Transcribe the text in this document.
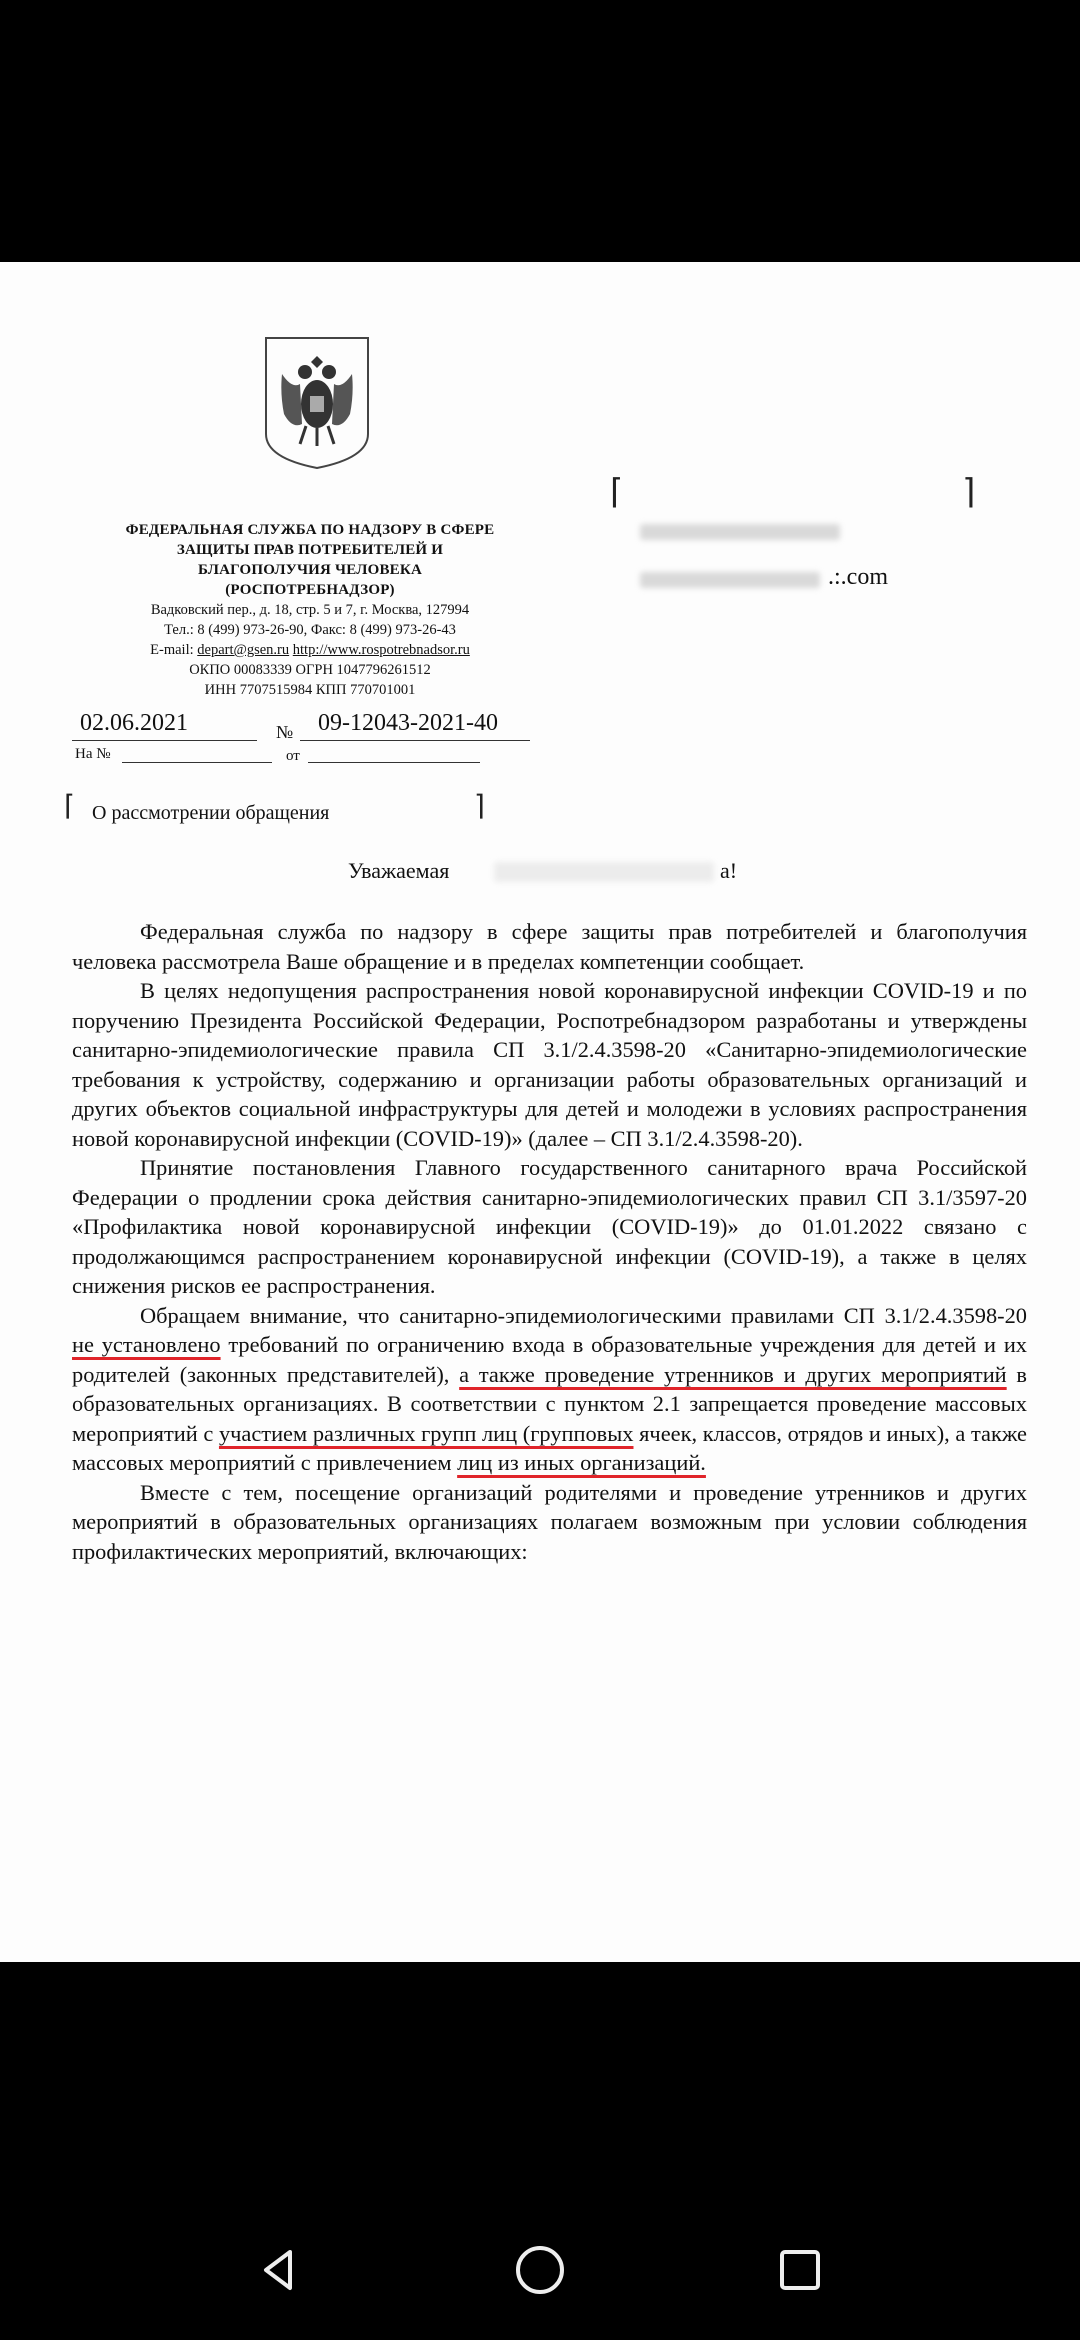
ФЕДЕРАЛЬНАЯ СЛУЖБА ПО НАДЗОРУ В СФЕРЕ
ЗАЩИТЫ ПРАВ ПОТРЕБИТЕЛЕЙ И
БЛАГОПОЛУЧИЯ ЧЕЛОВЕКА
(РОСПОТРЕБНАДЗОР)
Вадковский пер., д. 18, стр. 5 и 7, г. Москва, 127994
Тел.: 8 (499) 973-26-90, Факс: 8 (499) 973-26-43
E-mail: depart@gsen.ru http://www.rospotrebnadsor.ru
ОКПО 00083339 ОГРН 1047796261512
ИНН 7707515984 КПП 770701001
⌈	⌉
.:.com
02.06.2021	№ 09-12043-2021-40
На №	от
⌈ О рассмотрении обращения	⌉
Уважаемая	а!

Федеральная служба по надзору в сфере защиты прав потребителей и благополучия человека рассмотрела Ваше обращение и в пределах компетенции сообщает.

В целях недопущения распространения новой коронавирусной инфекции COVID-19 и по поручению Президента Российской Федерации, Роспотребнадзором разработаны и утверждены санитарно-эпидемиологические правила СП 3.1/2.4.3598-20 «Санитарно-эпидемиологические требования к устройству, содержанию и организации работы образовательных организаций и других объектов социальной инфраструктуры для детей и молодежи в условиях распространения новой коронавирусной инфекции (COVID-19)» (далее – СП 3.1/2.4.3598-20).

Принятие постановления Главного государственного санитарного врача Российской Федерации о продлении срока действия санитарно-эпидемиологических правил СП 3.1/3597-20 «Профилактика новой коронавирусной инфекции (COVID-19)» до 01.01.2022 связано с продолжающимся распространением коронавирусной инфекции (COVID-19), а также в целях снижения рисков ее распространения.

Обращаем внимание, что санитарно-эпидемиологическими правилами СП 3.1/2.4.3598-20 не установлено требований по ограничению входа в образовательные учреждения для детей и их родителей (законных представителей), а также проведение утренников и других мероприятий в образовательных организациях. В соответствии с пунктом 2.1 запрещается проведение массовых мероприятий с участием различных групп лиц (групповых ячеек, классов, отрядов и иных), а также массовых мероприятий с привлечением лиц из иных организаций.

Вместе с тем, посещение организаций родителями и проведение утренников и других мероприятий в образовательных организациях полагаем возможным при условии соблюдения профилактических мероприятий, включающих:
